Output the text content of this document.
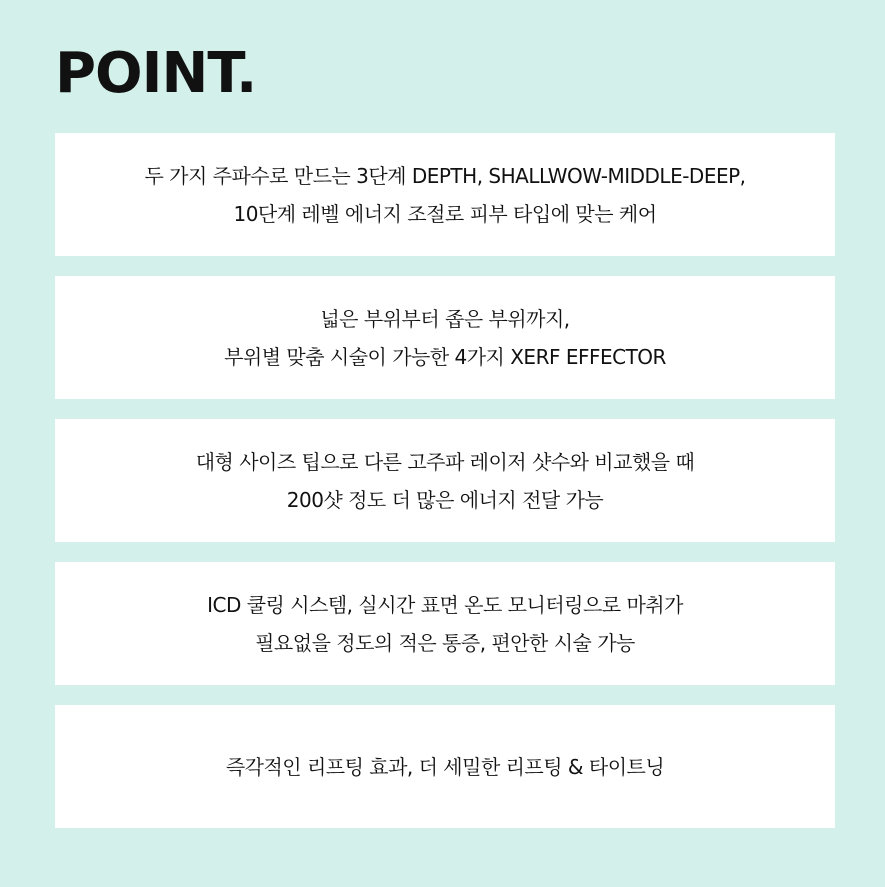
POINT.
두 가지 주파수로 만드는 3단계 DEPTH, SHALLWOW-MIDDLE-DEEP,
10단계 레벨 에너지 조절로 피부 타입에 맞는 케어
넓은 부위부터 좁은 부위까지,
부위별 맞춤 시술이 가능한 4가지 XERF EFFECTOR
대형 사이즈 팁으로 다른 고주파 레이저 샷수와 비교했을 때
200샷 정도 더 많은 에너지 전달 가능
ICD 쿨링 시스템, 실시간 표면 온도 모니터링으로 마취가
필요없을 정도의 적은 통증, 편안한 시술 가능
즉각적인 리프팅 효과, 더 세밀한 리프팅 & 타이트닝
